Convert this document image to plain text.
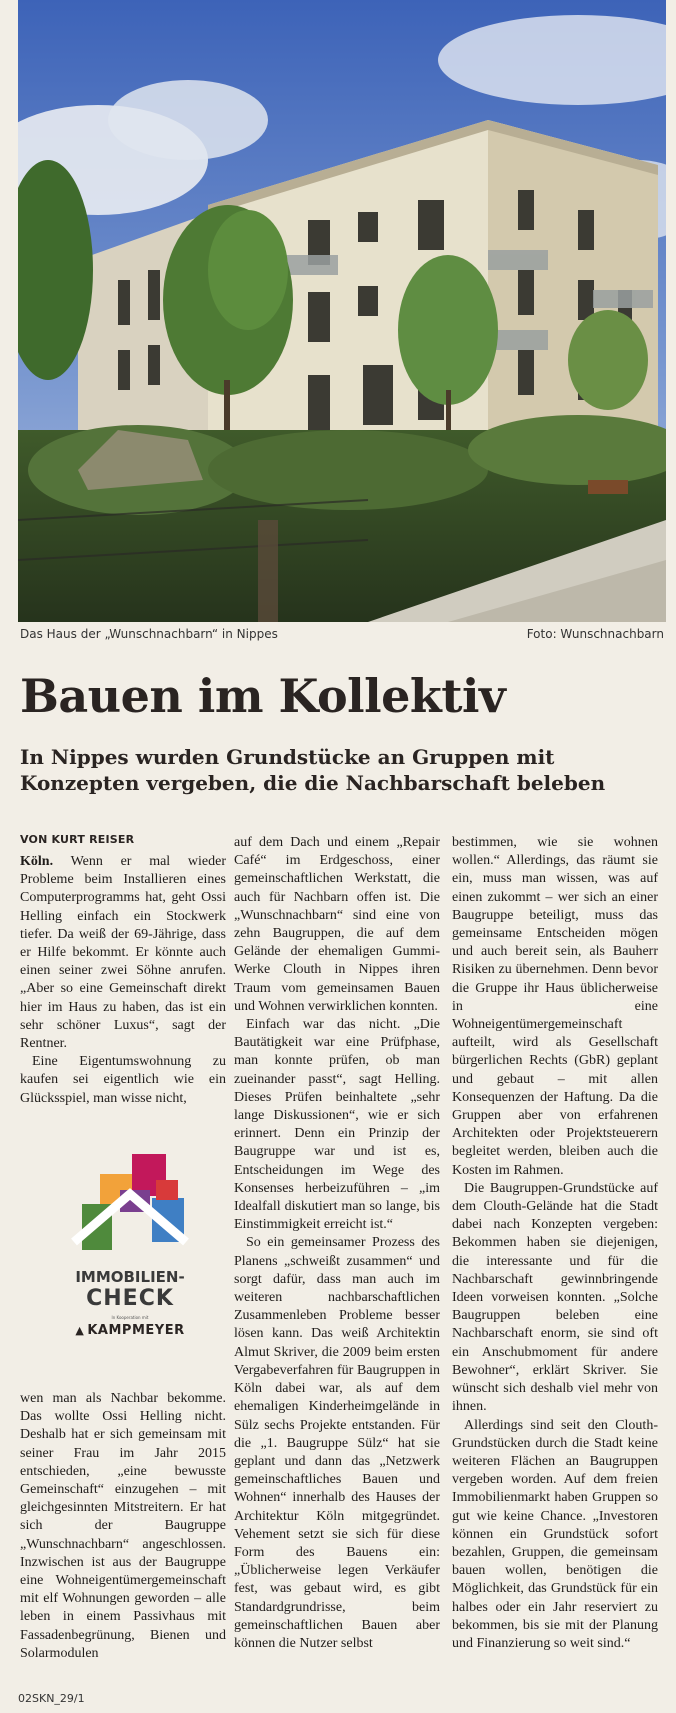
Das Haus der „Wunschnachbarn“ in Nippes	Foto: Wunschnachbarn
Bauen im Kollektiv
In Nippes wurden Grundstücke an Gruppen mit Konzepten vergeben, die die Nachbarschaft beleben
VON KURT REISER

Köln. Wenn er mal wieder Probleme beim Installieren eines Computerprogramms hat, geht Ossi Helling einfach ein Stockwerk tiefer. Da weiß der 69-Jährige, dass er Hilfe bekommt. Er könnte auch einen seiner zwei Söhne anrufen. „Aber so eine Gemeinschaft direkt hier im Haus zu haben, das ist ein sehr schöner Luxus“, sagt der Rentner.

Eine Eigentumswohnung zu kaufen sei eigentlich wie ein Glücksspiel, man wisse nicht,

IMMOBILIEN-
CHECK
In Kooperation mit
▲ KAMPMEYER

wen man als Nachbar bekomme. Das wollte Ossi Helling nicht. Deshalb hat er sich gemeinsam mit seiner Frau im Jahr 2015 entschieden, „eine bewusste Gemeinschaft“ einzugehen – mit gleichgesinnten Mitstreitern. Er hat sich der Baugruppe „Wunschnachbarn“ angeschlossen. Inzwischen ist aus der Baugruppe eine Wohneigentümergemeinschaft mit elf Wohnungen geworden – alle leben in einem Passivhaus mit Fassadenbegrünung, Bienen und Solarmodulen

auf dem Dach und einem „Repair Café“ im Erdgeschoss, einer gemeinschaftlichen Werkstatt, die auch für Nachbarn offen ist. Die „Wunschnachbarn“ sind eine von zehn Baugruppen, die auf dem Gelände der ehemaligen Gummi-Werke Clouth in Nippes ihren Traum vom gemeinsamen Bauen und Wohnen verwirklichen konnten.

Einfach war das nicht. „Die Bautätigkeit war eine Prüfphase, man konnte prüfen, ob man zueinander passt“, sagt Helling. Dieses Prüfen beinhaltete „sehr lange Diskussionen“, wie er sich erinnert. Denn ein Prinzip der Baugruppe war und ist es, Entscheidungen im Wege des Konsenses herbeizuführen – „im Idealfall diskutiert man so lange, bis Einstimmigkeit erreicht ist.“

So ein gemeinsamer Prozess des Planens „schweißt zusammen“ und sorgt dafür, dass man auch im weiteren nachbarschaftlichen Zusammenleben Probleme besser lösen kann. Das weiß Architektin Almut Skriver, die 2009 beim ersten Vergabeverfahren für Baugruppen in Köln dabei war, als auf dem ehemaligen Kinderheimgelände in Sülz sechs Projekte entstanden. Für die „1. Baugruppe Sülz“ hat sie geplant und dann das „Netzwerk gemeinschaftliches Bauen und Wohnen“ innerhalb des Hauses der Architektur Köln mitgegründet. Vehement setzt sie sich für diese Form des Bauens ein: „Üblicherweise legen Verkäufer fest, was gebaut wird, es gibt Standardgrundrisse, beim gemeinschaftlichen Bauen aber können die Nutzer selbst

bestimmen, wie sie wohnen wollen.“ Allerdings, das räumt sie ein, muss man wissen, was auf einen zukommt – wer sich an einer Baugruppe beteiligt, muss das gemeinsame Entscheiden mögen und auch bereit sein, als Bauherr Risiken zu übernehmen. Denn bevor die Gruppe ihr Haus üblicherweise in eine Wohneigentümergemeinschaft aufteilt, wird als Gesellschaft bürgerlichen Rechts (GbR) geplant und gebaut – mit allen Konsequenzen der Haftung. Da die Gruppen aber von erfahrenen Architekten oder Projektsteuerern begleitet werden, bleiben auch die Kosten im Rahmen.

Die Baugruppen-Grundstücke auf dem Clouth-Gelände hat die Stadt dabei nach Konzepten vergeben: Bekommen haben sie diejenigen, die interessante und für die Nachbarschaft gewinnbringende Ideen vorweisen konnten. „Solche Baugruppen beleben eine Nachbarschaft enorm, sie sind oft ein Anschubmoment für andere Bewohner“, erklärt Skriver. Sie wünscht sich deshalb viel mehr von ihnen.

Allerdings sind seit den Clouth-Grundstücken durch die Stadt keine weiteren Flächen an Baugruppen vergeben worden. Auf dem freien Immobilienmarkt haben Gruppen so gut wie keine Chance. „Investoren können ein Grundstück sofort bezahlen, Gruppen, die gemeinsam bauen wollen, benötigen die Möglichkeit, das Grundstück für ein halbes oder ein Jahr reserviert zu bekommen, bis sie mit der Planung und Finanzierung so weit sind.“

02SKN_29/1
